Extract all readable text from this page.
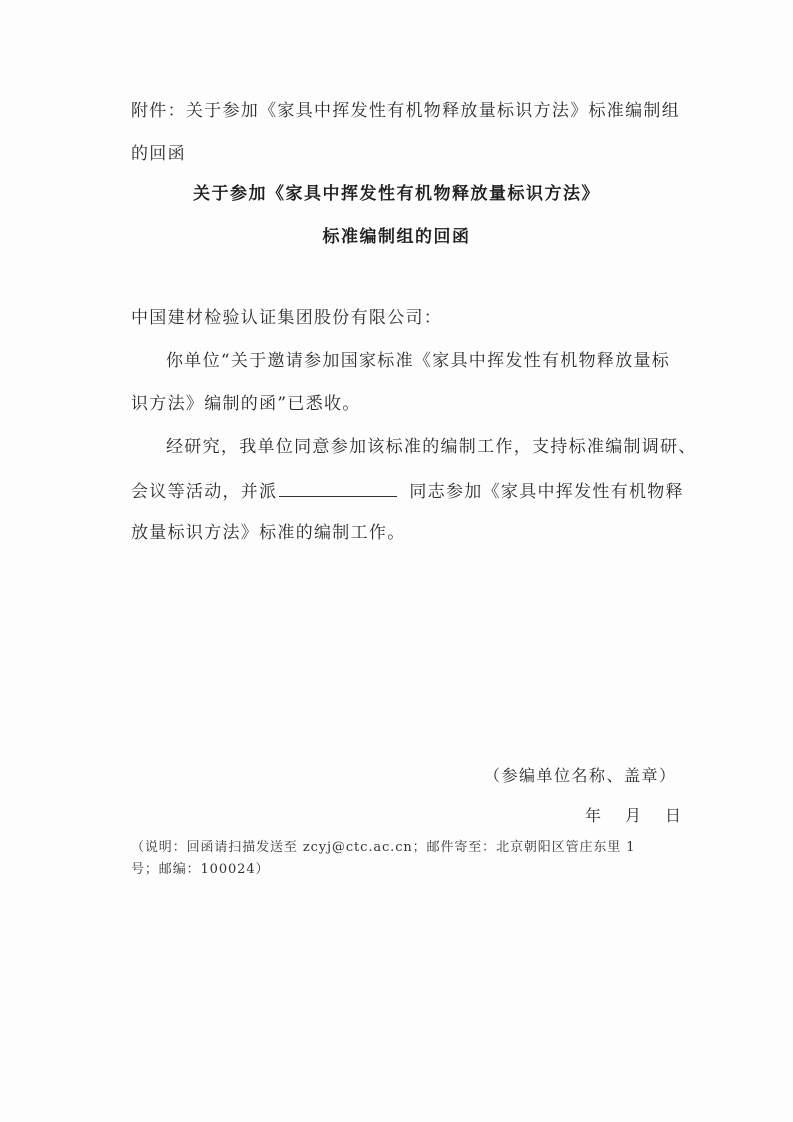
附件：关于参加《家具中挥发性有机物释放量标识方法》标准编制组
的回函
关于参加《家具中挥发性有机物释放量标识方法》
标准编制组的回函
中国建材检验认证集团股份有限公司：
你单位“关于邀请参加国家标准《家具中挥发性有机物释放量标
识方法》编制的函”已悉收。
经研究，我单位同意参加该标准的编制工作，支持标准编制调研、
会议等活动，并派	同志参加《家具中挥发性有机物释
放量标识方法》标准的编制工作。
（参编单位名称、盖章）
年　月　日
（说明：回函请扫描发送至 zcyj@ctc.ac.cn；邮件寄至：北京朝阳区管庄东里 1
号；邮编：100024）
